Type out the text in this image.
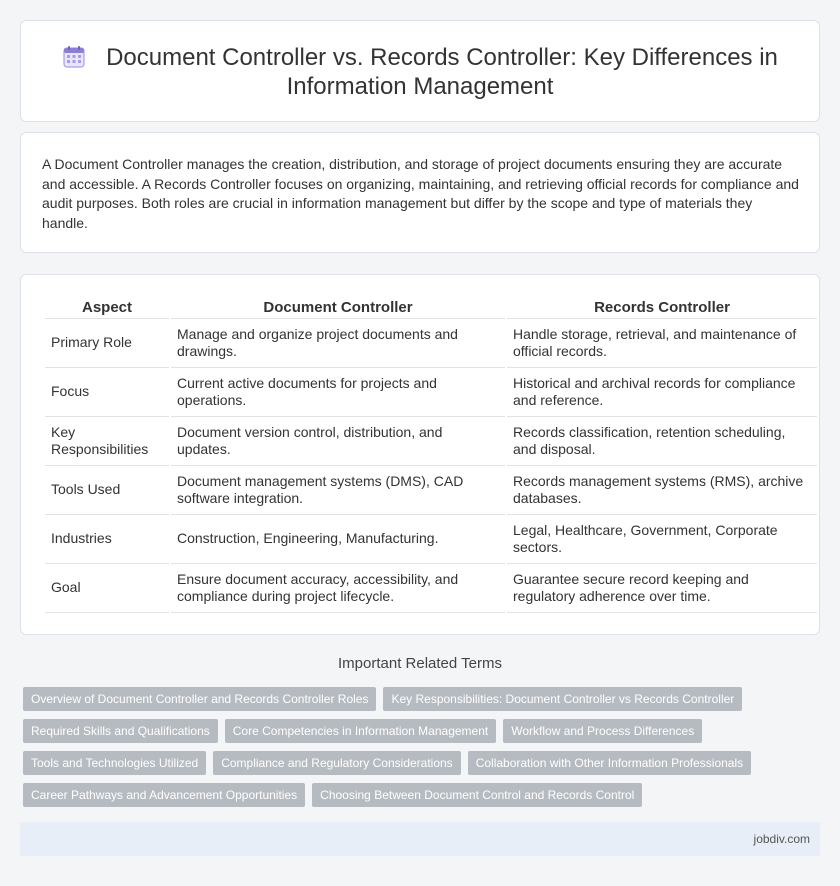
Document Controller vs. Records Controller: Key Differences in Information Management

A Document Controller manages the creation, distribution, and storage of project documents ensuring they are accurate and accessible. A Records Controller focuses on organizing, maintaining, and retrieving official records for compliance and audit purposes. Both roles are crucial in information management but differ by the scope and type of materials they handle.

Aspect	Document Controller	Records Controller
Primary Role	Manage and organize project documents and drawings.	Handle storage, retrieval, and maintenance of official records.
Focus	Current active documents for projects and operations.	Historical and archival records for compliance and reference.
Key Responsibilities	Document version control, distribution, and updates.	Records classification, retention scheduling, and disposal.
Tools Used	Document management systems (DMS), CAD software integration.	Records management systems (RMS), archive databases.
Industries	Construction, Engineering, Manufacturing.	Legal, Healthcare, Government, Corporate sectors.
Goal	Ensure document accuracy, accessibility, and compliance during project lifecycle.	Guarantee secure record keeping and regulatory adherence over time.
Important Related Terms
Overview of Document Controller and Records Controller Roles	Key Responsibilities: Document Controller vs Records Controller
Required Skills and Qualifications	Core Competencies in Information Management	Workflow and Process Differences
Tools and Technologies Utilized	Compliance and Regulatory Considerations	Collaboration with Other Information Professionals
Career Pathways and Advancement Opportunities	Choosing Between Document Control and Records Control
jobdiv.com
